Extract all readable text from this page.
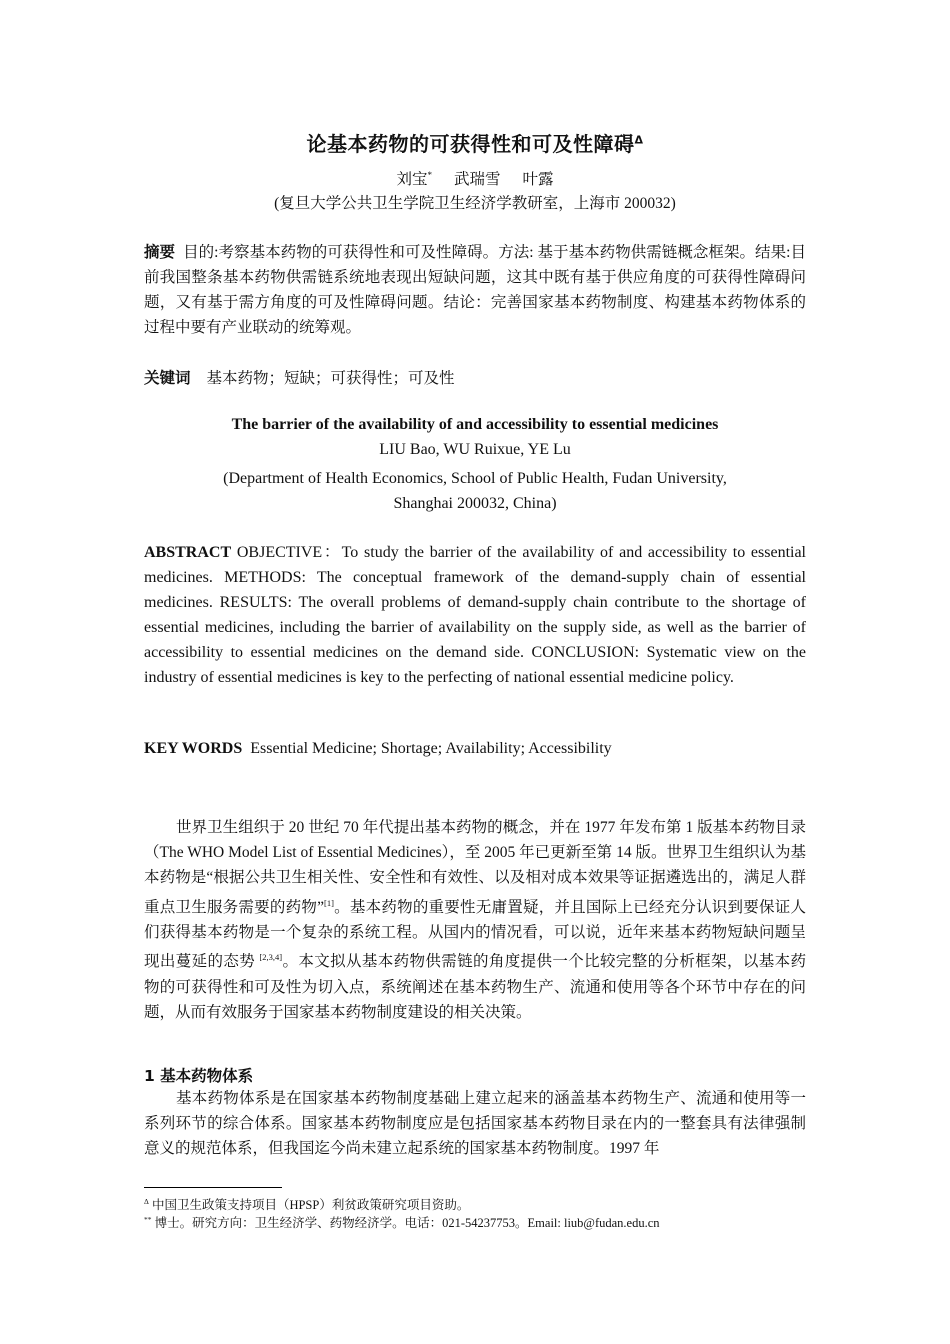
论基本药物的可获得性和可及性障碍$^\Delta$
刘宝* 武瑞雪 叶露
(复旦大学公共卫生学院卫生经济学教研室，上海市 200032)
摘要 目的:考察基本药物的可获得性和可及性障碍。方法: 基于基本药物供需链概念框架。结果:目前我国整条基本药物供需链系统地表现出短缺问题，这其中既有基于供应角度的可获得性障碍问题，又有基于需方角度的可及性障碍问题。结论：完善国家基本药物制度、构建基本药物体系的过程中要有产业联动的统筹观。
关键词 基本药物；短缺；可获得性；可及性
The barrier of the availability of and accessibility to essential medicines
LIU Bao, WU Ruixue, YE Lu
(Department of Health Economics, School of Public Health, Fudan University,
Shanghai 200032, China)
ABSTRACT OBJECTIVE：To study the barrier of the availability of and accessibility to essential medicines. METHODS: The conceptual framework of the demand-supply chain of essential medicines. RESULTS: The overall problems of demand-supply chain contribute to the shortage of essential medicines, including the barrier of availability on the supply side, as well as the barrier of accessibility to essential medicines on the demand side. CONCLUSION: Systematic view on the industry of essential medicines is key to the perfecting of national essential medicine policy.
KEY WORDS Essential Medicine; Shortage; Availability; Accessibility
世界卫生组织于 20 世纪 70 年代提出基本药物的概念，并在 1977 年发布第 1 版基本药物目录（The WHO Model List of Essential Medicines），至 2005 年已更新至第 14 版。世界卫生组织认为基本药物是“根据公共卫生相关性、安全性和有效性、以及相对成本效果等证据遴选出的，满足人群重点卫生服务需要的药物”[1]。基本药物的重要性无庸置疑，并且国际上已经充分认识到要保证人们获得基本药物是一个复杂的系统工程。从国内的情况看，可以说，近年来基本药物短缺问题呈现出蔓延的态势 [2,3,4]。本文拟从基本药物供需链的角度提供一个比较完整的分析框架，以基本药物的可获得性和可及性为切入点，系统阐述在基本药物生产、流通和使用等各个环节中存在的问题，从而有效服务于国家基本药物制度建设的相关决策。
1 基本药物体系
基本药物体系是在国家基本药物制度基础上建立起来的涵盖基本药物生产、流通和使用等一系列环节的综合体系。国家基本药物制度应是包括国家基本药物目录在内的一整套具有法律强制意义的规范体系，但我国迄今尚未建立起系统的国家基本药物制度。1997 年
$^\Delta$ 中国卫生政策支持项目（HPSP）利贫政策研究项目资助。
** 博士。研究方向：卫生经济学、药物经济学。电话：021-54237753。Email: liub@fudan.edu.cn
